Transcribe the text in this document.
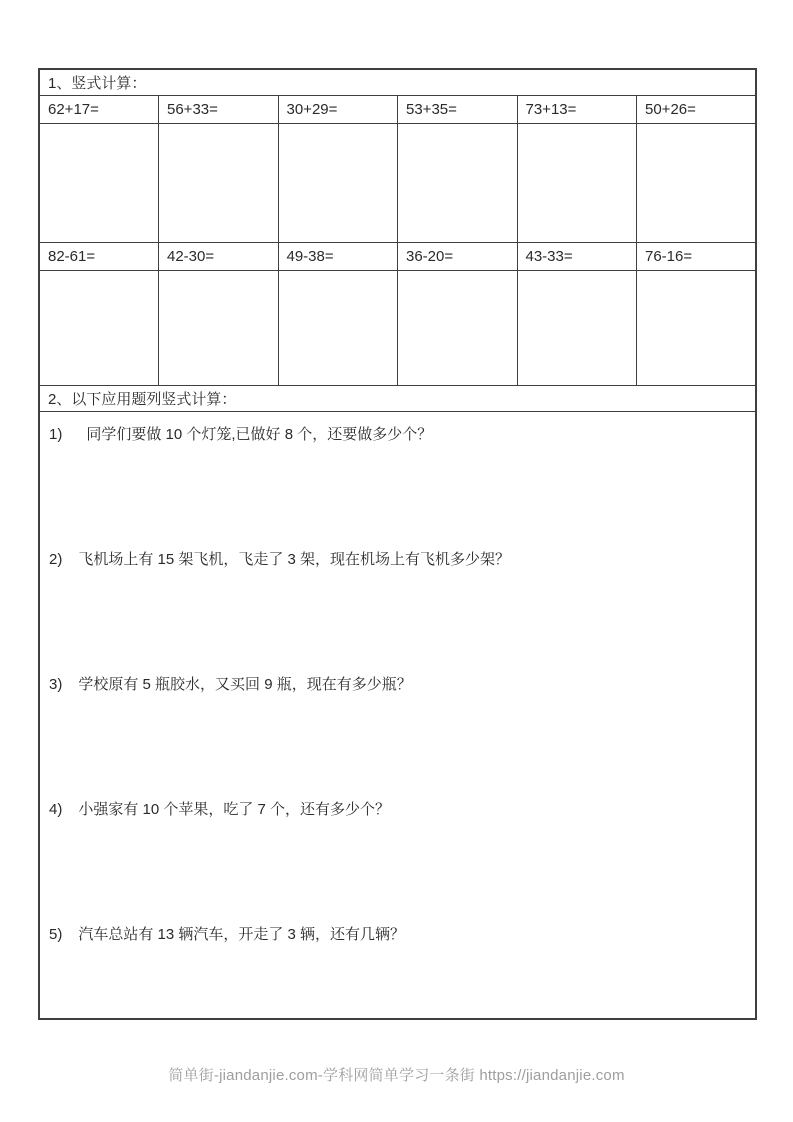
1、竖式计算：					
62+17=	56+33=	30+29=	53+35=	73+13=	50+26=

82-61=	42-30=	49-38=	36-20=	43-33=	76-16=

2、以下应用题列竖式计算：					

1) 同学们要做 10 个灯笼,已做好 8 个，还要做多少个？
2) 飞机场上有 15 架飞机，飞走了 3 架，现在机场上有飞机多少架？
3) 学校原有 5 瓶胶水，又买回 9 瓶，现在有多少瓶？
4) 小强家有 10 个苹果，吃了 7 个，还有多少个？
5) 汽车总站有 13 辆汽车，开走了 3 辆，还有几辆？
简单街-jiandanjie.com-学科网简单学习一条街 https://jiandanjie.com
